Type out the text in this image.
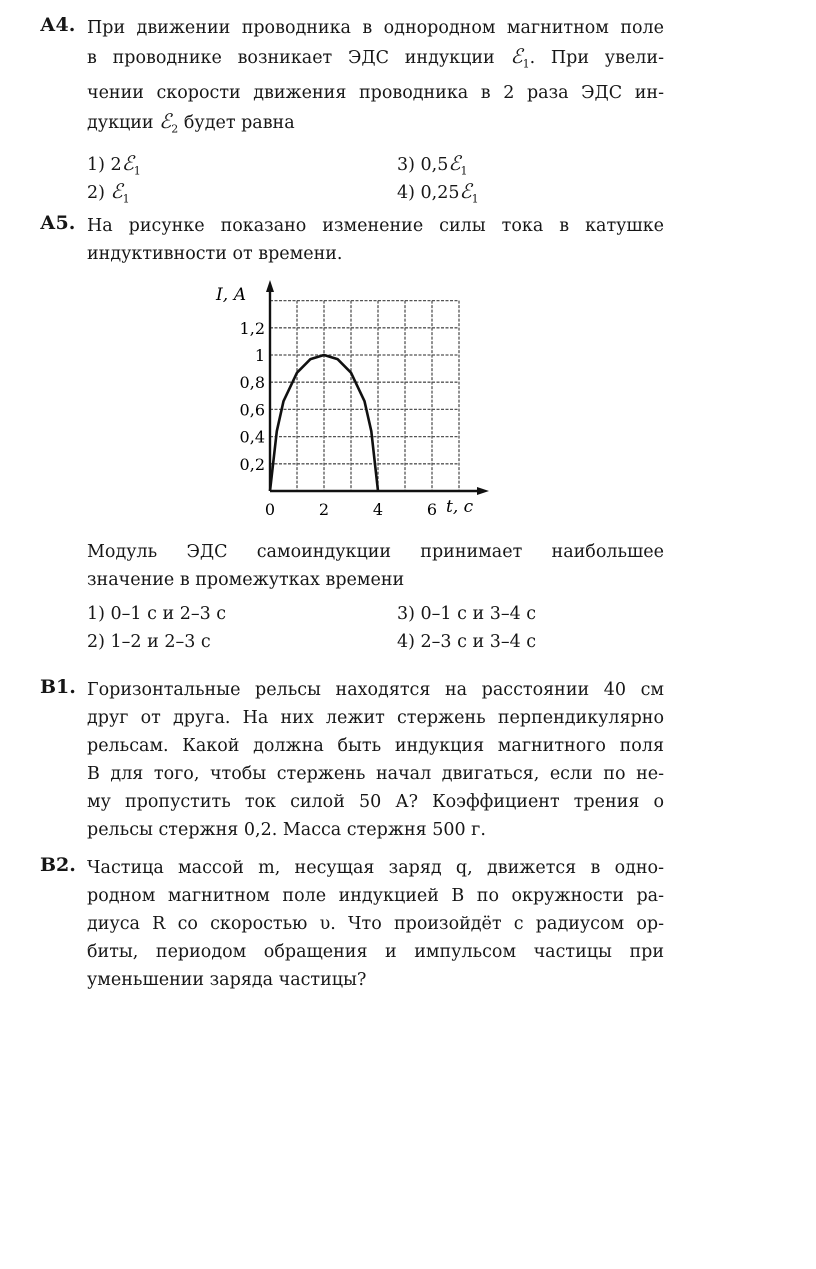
А4. При движении проводника в однородном магнитном поле
в проводнике возникает ЭДС индукции ℰ$_1$. При увели-
чении скорости движения проводника в 2 раза ЭДС ин-
дукции ℰ$_2$ будет равна
1) 2ℰ$_1$
2) ℰ$_1$
3) 0,5ℰ$_1$
4) 0,25ℰ$_1$
А5. На рисунке показано изменение силы тока в катушке
индуктивности от времени.
0,2
0,4
0,6
0,8
1
1,2
0	2	4	6
I, А
t, с
Модуль ЭДС самоиндукции принимает наибольшее
значение в промежутках времени
1) 0–1 с и 2–3 с
2) 1–2 и 2–3 с
3) 0–1 с и 3–4 с
4) 2–3 с и 3–4 с
В1. Горизонтальные рельсы находятся на расстоянии 40 см
друг от друга. На них лежит стержень перпендикулярно
рельсам. Какой должна быть индукция магнитного поля
B для того, чтобы стержень начал двигаться, если по не-
му пропустить ток силой 50 А? Коэффициент трения о
рельсы стержня 0,2. Масса стержня 500 г.
В2. Частица массой m, несущая заряд q, движется в одно-
родном магнитном поле индукцией B по окружности ра-
диуса R со скоростью υ. Что произойдёт с радиусом ор-
биты, периодом обращения и импульсом частицы при
уменьшении заряда частицы?
